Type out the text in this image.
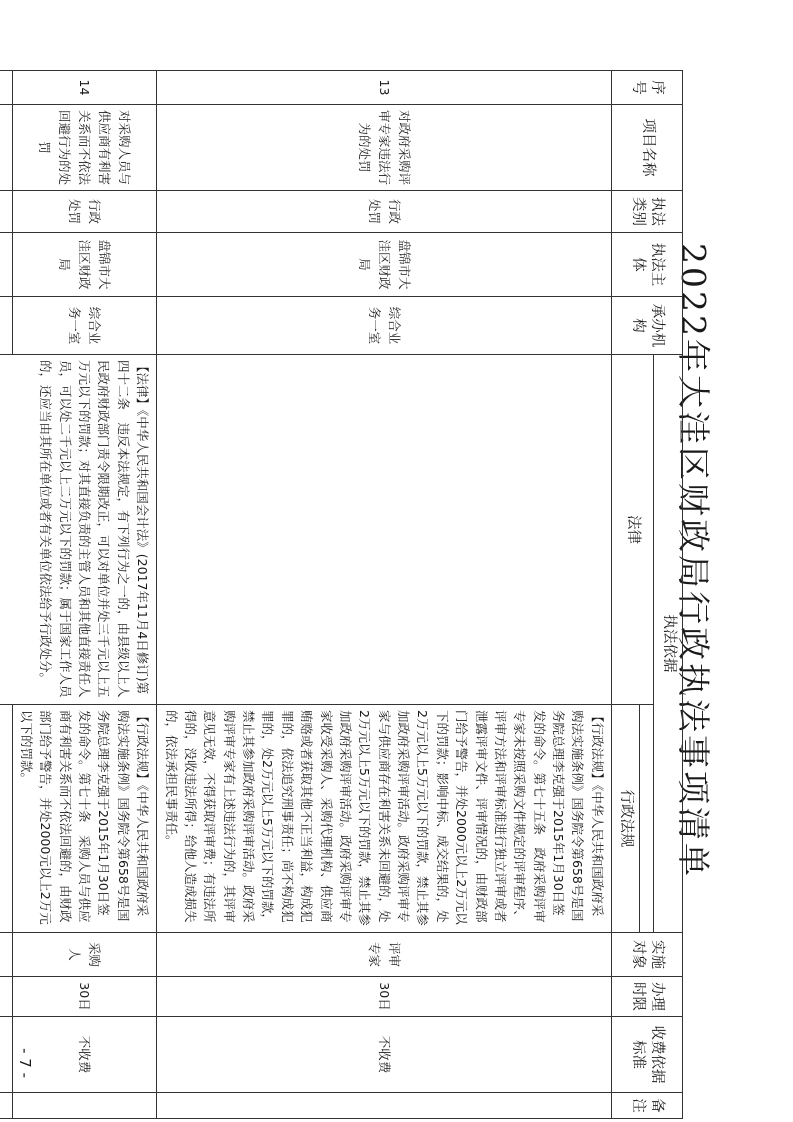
2022年大洼区财政局行政执法事项清单
序号	项目名称	执法类别	执法主体	承办机构	执法依据		实施对象	办理时限	收费依据标准	备注
					法律					
						行政法规				
13	对政府采购评审专家违法行为的处罚	行政处罚	盘锦市大洼区财政局	综合业务一室		【行政法规】《中华人民共和国政府采购法实施条例》国务院令第658号是国务院总理李克强于2015年1月30日签发的命令。第七十五条　政府采购评审专家未按照采购文件规定的评审程序、评审方法和评审标准进行独立评审或者泄露评审文件、评审情况的，由财政部门给予警告，并处2000元以上2万元以下的罚款；影响中标、成交结果的，处2万元以上5万元以下的罚款，禁止其参加政府采购评审活动。政府采购评审专家与供应商存在利害关系未回避的，处2万元以上5万元以下的罚款，禁止其参加政府采购评审活动。政府采购评审专家收受采购人、采购代理机构、供应商贿赂或者获取其他不正当利益，构成犯罪的，依法追究刑事责任；尚不构成犯罪的，处2万元以上5万元以下的罚款，禁止其参加政府采购评审活动。政府采购评审专家有上述违法行为的，其评审意见无效，不得获取评审费；有违法所得的，没收违法所得；给他人造成损失的，依法承担民事责任。	评审专家	30日	不收费	
14	对采购人员与供应商有利害关系而不依法回避行为的处罚	行政处罚	盘锦市大洼区财政局	综合业务一室	【法律】《中华人民共和国会计法》(2017年11月4日修订)第四十二条　违反本法规定，有下列行为之一的，由县级以上人民政府财政部门责令限期改正，可以对单位并处三千元以上五万元以下的罚款；对其直接负责的主管人员和其他直接责任人员，可以处二千元以上二万元以下的罚款；属于国家工作人员的，还应当由其所在单位或者有关单位依法给予行政处分。	【行政法规】《中华人民共和国政府采购法实施条例》国务院令第658号是国务院总理李克强于2015年1月30日签发的命令。第七十条　采购人员与供应商有利害关系而不依法回避的，由财政部门给予警告，并处2000元以上2万元以下的罚款。	采购人	30日	不收费	

- 7 -
